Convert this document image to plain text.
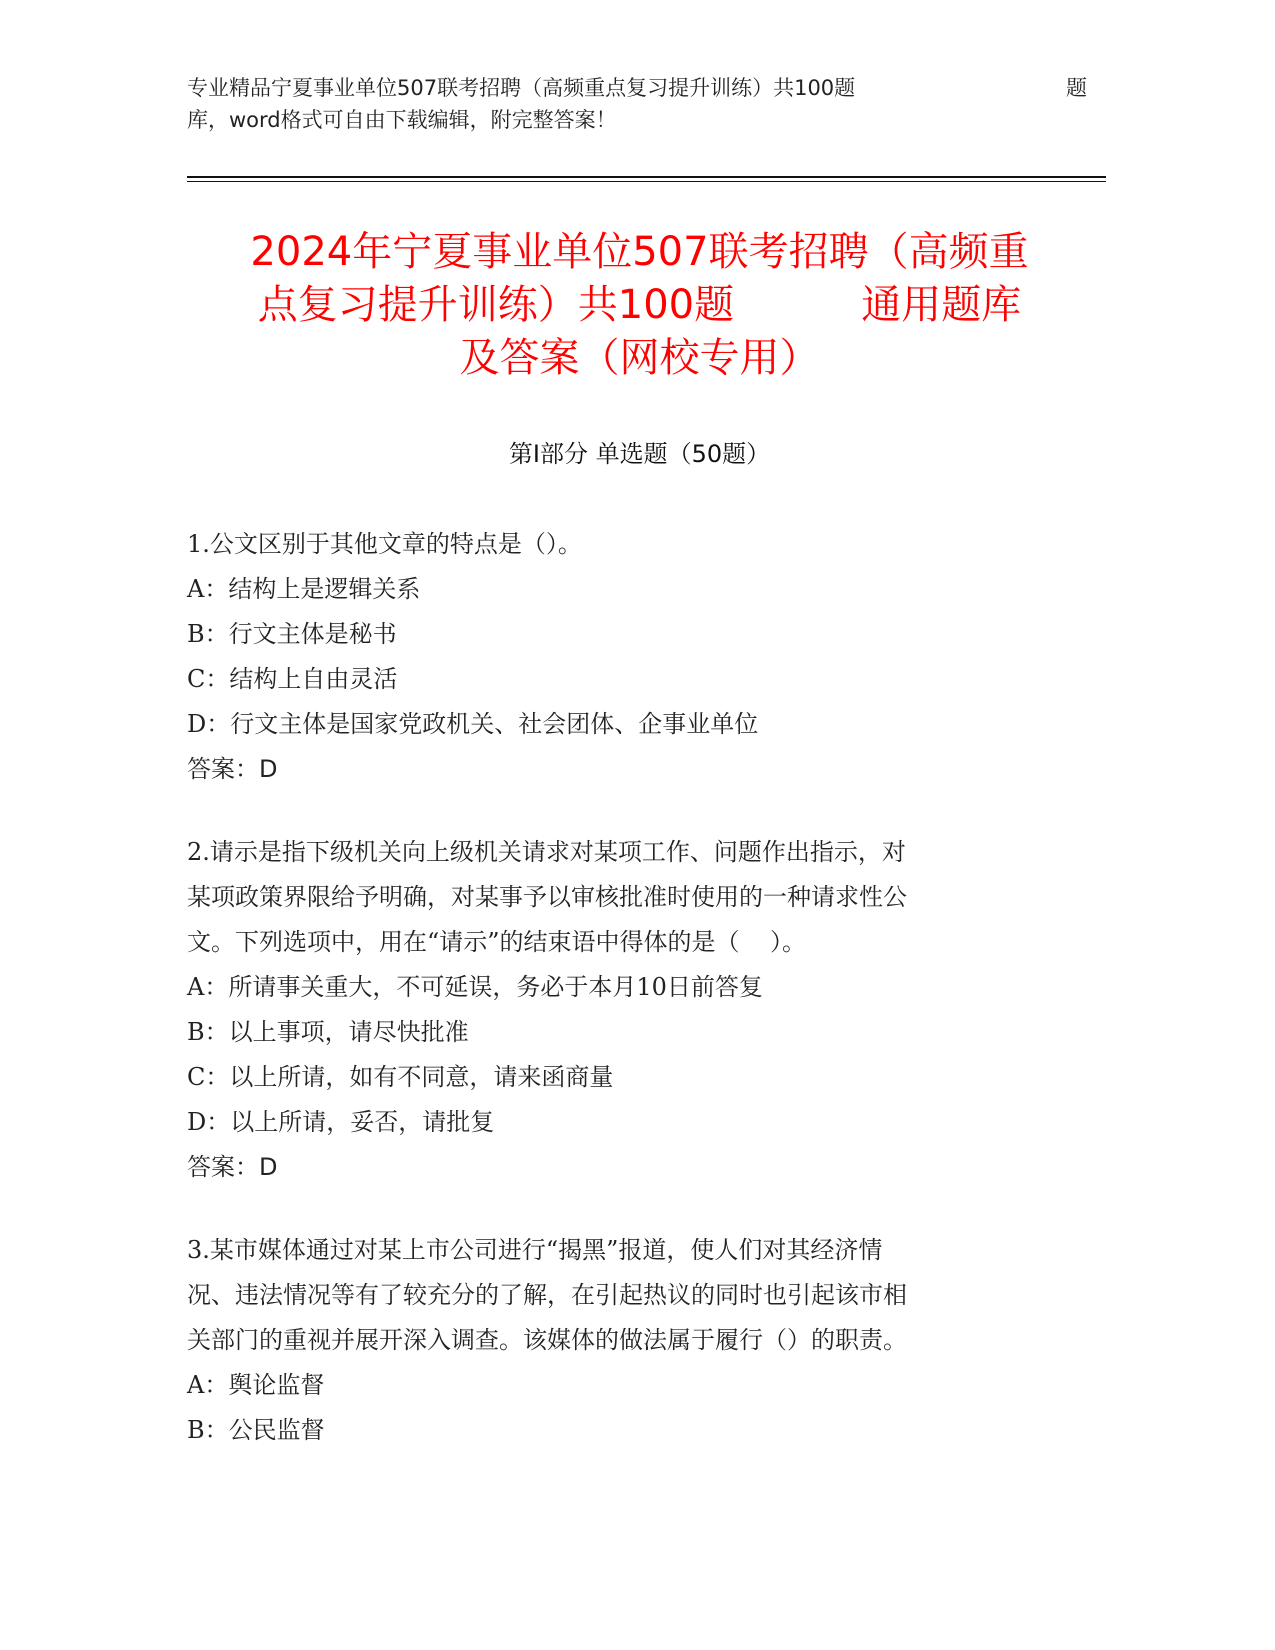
专业精品宁夏事业单位507联考招聘（高频重点复习提升训练）共100题	题
库，word格式可自由下载编辑，附完整答案！
2024年宁夏事业单位507联考招聘（高频重
点复习提升训练）共100题          通用题库
及答案（网校专用）
第Ⅰ部分 单选题（50题）
1.公文区别于其他文章的特点是（）。
A：结构上是逻辑关系
B：行文主体是秘书
C：结构上自由灵活
D：行文主体是国家党政机关、社会团体、企事业单位
答案：D
2.请示是指下级机关向上级机关请求对某项工作、问题作出指示，对
某项政策界限给予明确，对某事予以审核批准时使用的一种请求性公
文。下列选项中，用在“请示”的结束语中得体的是（    ）。
A：所请事关重大，不可延误，务必于本月10日前答复
B：以上事项，请尽快批准
C：以上所请，如有不同意，请来函商量
D：以上所请，妥否，请批复
答案：D
3.某市媒体通过对某上市公司进行“揭黑”报道，使人们对其经济情
况、违法情况等有了较充分的了解，在引起热议的同时也引起该市相
关部门的重视并展开深入调查。该媒体的做法属于履行（）的职责。
A：舆论监督
B：公民监督
